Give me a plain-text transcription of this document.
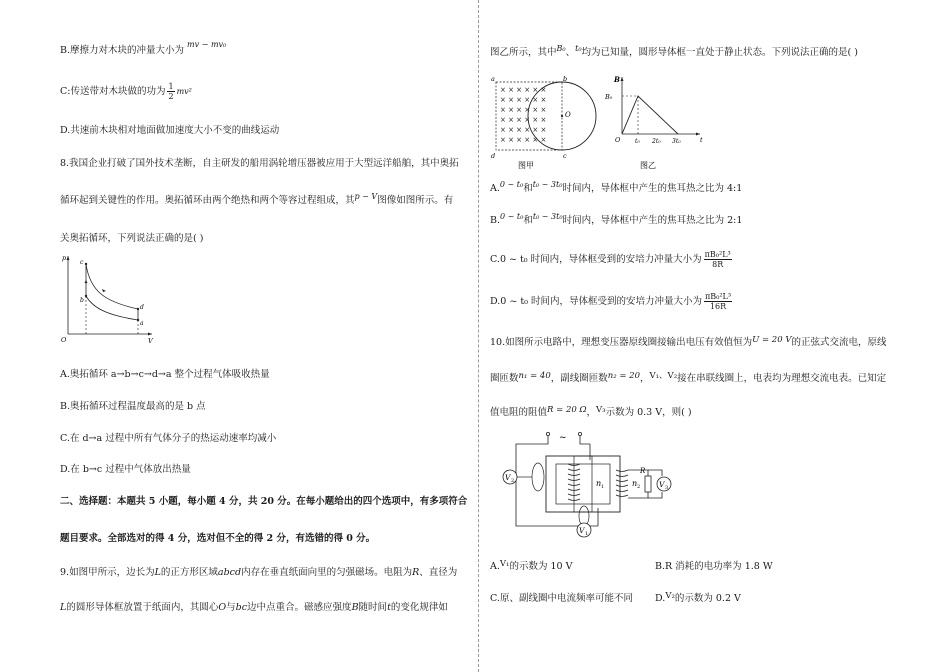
B.摩擦力对木块的冲量大小为 $^{mv - mv_0}$
C:传送带对木块做的功为 $\frac{1}{2} mv^2$
D.共速前木块相对地面做加速度大小不变的曲线运动
8.我国企业打破了国外技术垄断，自主研发的船用涡轮增压器被应用于大型远洋船舶，其中奥拓
循环起到关键性的作用。奥拓循环由两个绝热和两个等容过程组成，其$^{p - V}$图像如图所示。有
关奥拓循环，下列说法正确的是( )
p
V
O
a
b
c
d
A.奥拓循环 a→b→c→d→a 整个过程气体吸收热量
B.奥拓循环过程温度最高的是 b 点
C.在 d→a 过程中所有气体分子的热运动速率均减小
D.在 b→c 过程中气体放出热量
二、选择题：本题共 5 小题，每小题 4 分，共 20 分。在每小题给出的四个选项中，有多项符合
题目要求。全部选对的得 4 分，选对但不全的得 2 分，有选错的得 0 分。
9.如图甲所示，边长为L的正方形区域abcd内存在垂直纸面向里的匀强磁场。电阻为R、直径为
L的圆形导体框放置于纸面内，其圆心O与bc边中点重合。磁感应强度B随时间t的变化规律如
图乙所示，其中$^{B_0}$、$^{t_0}$均为已知量，圆形导体框一直处于静止状态。下列说法正确的是( )
× × × × × ×
× × × × × ×
× × × × × ×
× × × × × ×
× × × × × ×
× × × × × ×
a	b
c
d
O
图甲
B
B₀
O	t
t₀ 2t₀ 3t₀
图乙
A.$^{0 \sim t_0}$和$^{t_0 \sim 3t_0}$时间内，导体框中产生的焦耳热之比为 4:1
B.$^{0 \sim t_0}$和$^{t_0 \sim 3t_0}$时间内，导体框中产生的焦耳热之比为 2:1
C.0 ~ t₀ 时间内，导体框受到的安培力冲量大小为 $\frac{\text{πB₀²L³}}{8R}$
D.0 ~ t₀ 时间内，导体框受到的安培力冲量大小为 $\frac{\text{πB₀²L³}}{16R}$
10.如图所示电路中，理想变压器原线圈接输出电压有效值恒为U = 20 V的正弦式交流电，原线
圈匝数n₁ = 40，副线圈匝数n₂ = 20，V₁、V₂接在串联线圈上，电表均为理想交流电表。已知定
值电阻的阻值R = 20 Ω，V₃示数为 0.3 V，则( )
~
V 2
V 1
V 3
n 1	n 2
R
A.V₁的示数为 10 V	B.R 消耗的电功率为 1.8 W
C.原、副线圈中电流频率可能不同	D.V₂的示数为 0.2 V
